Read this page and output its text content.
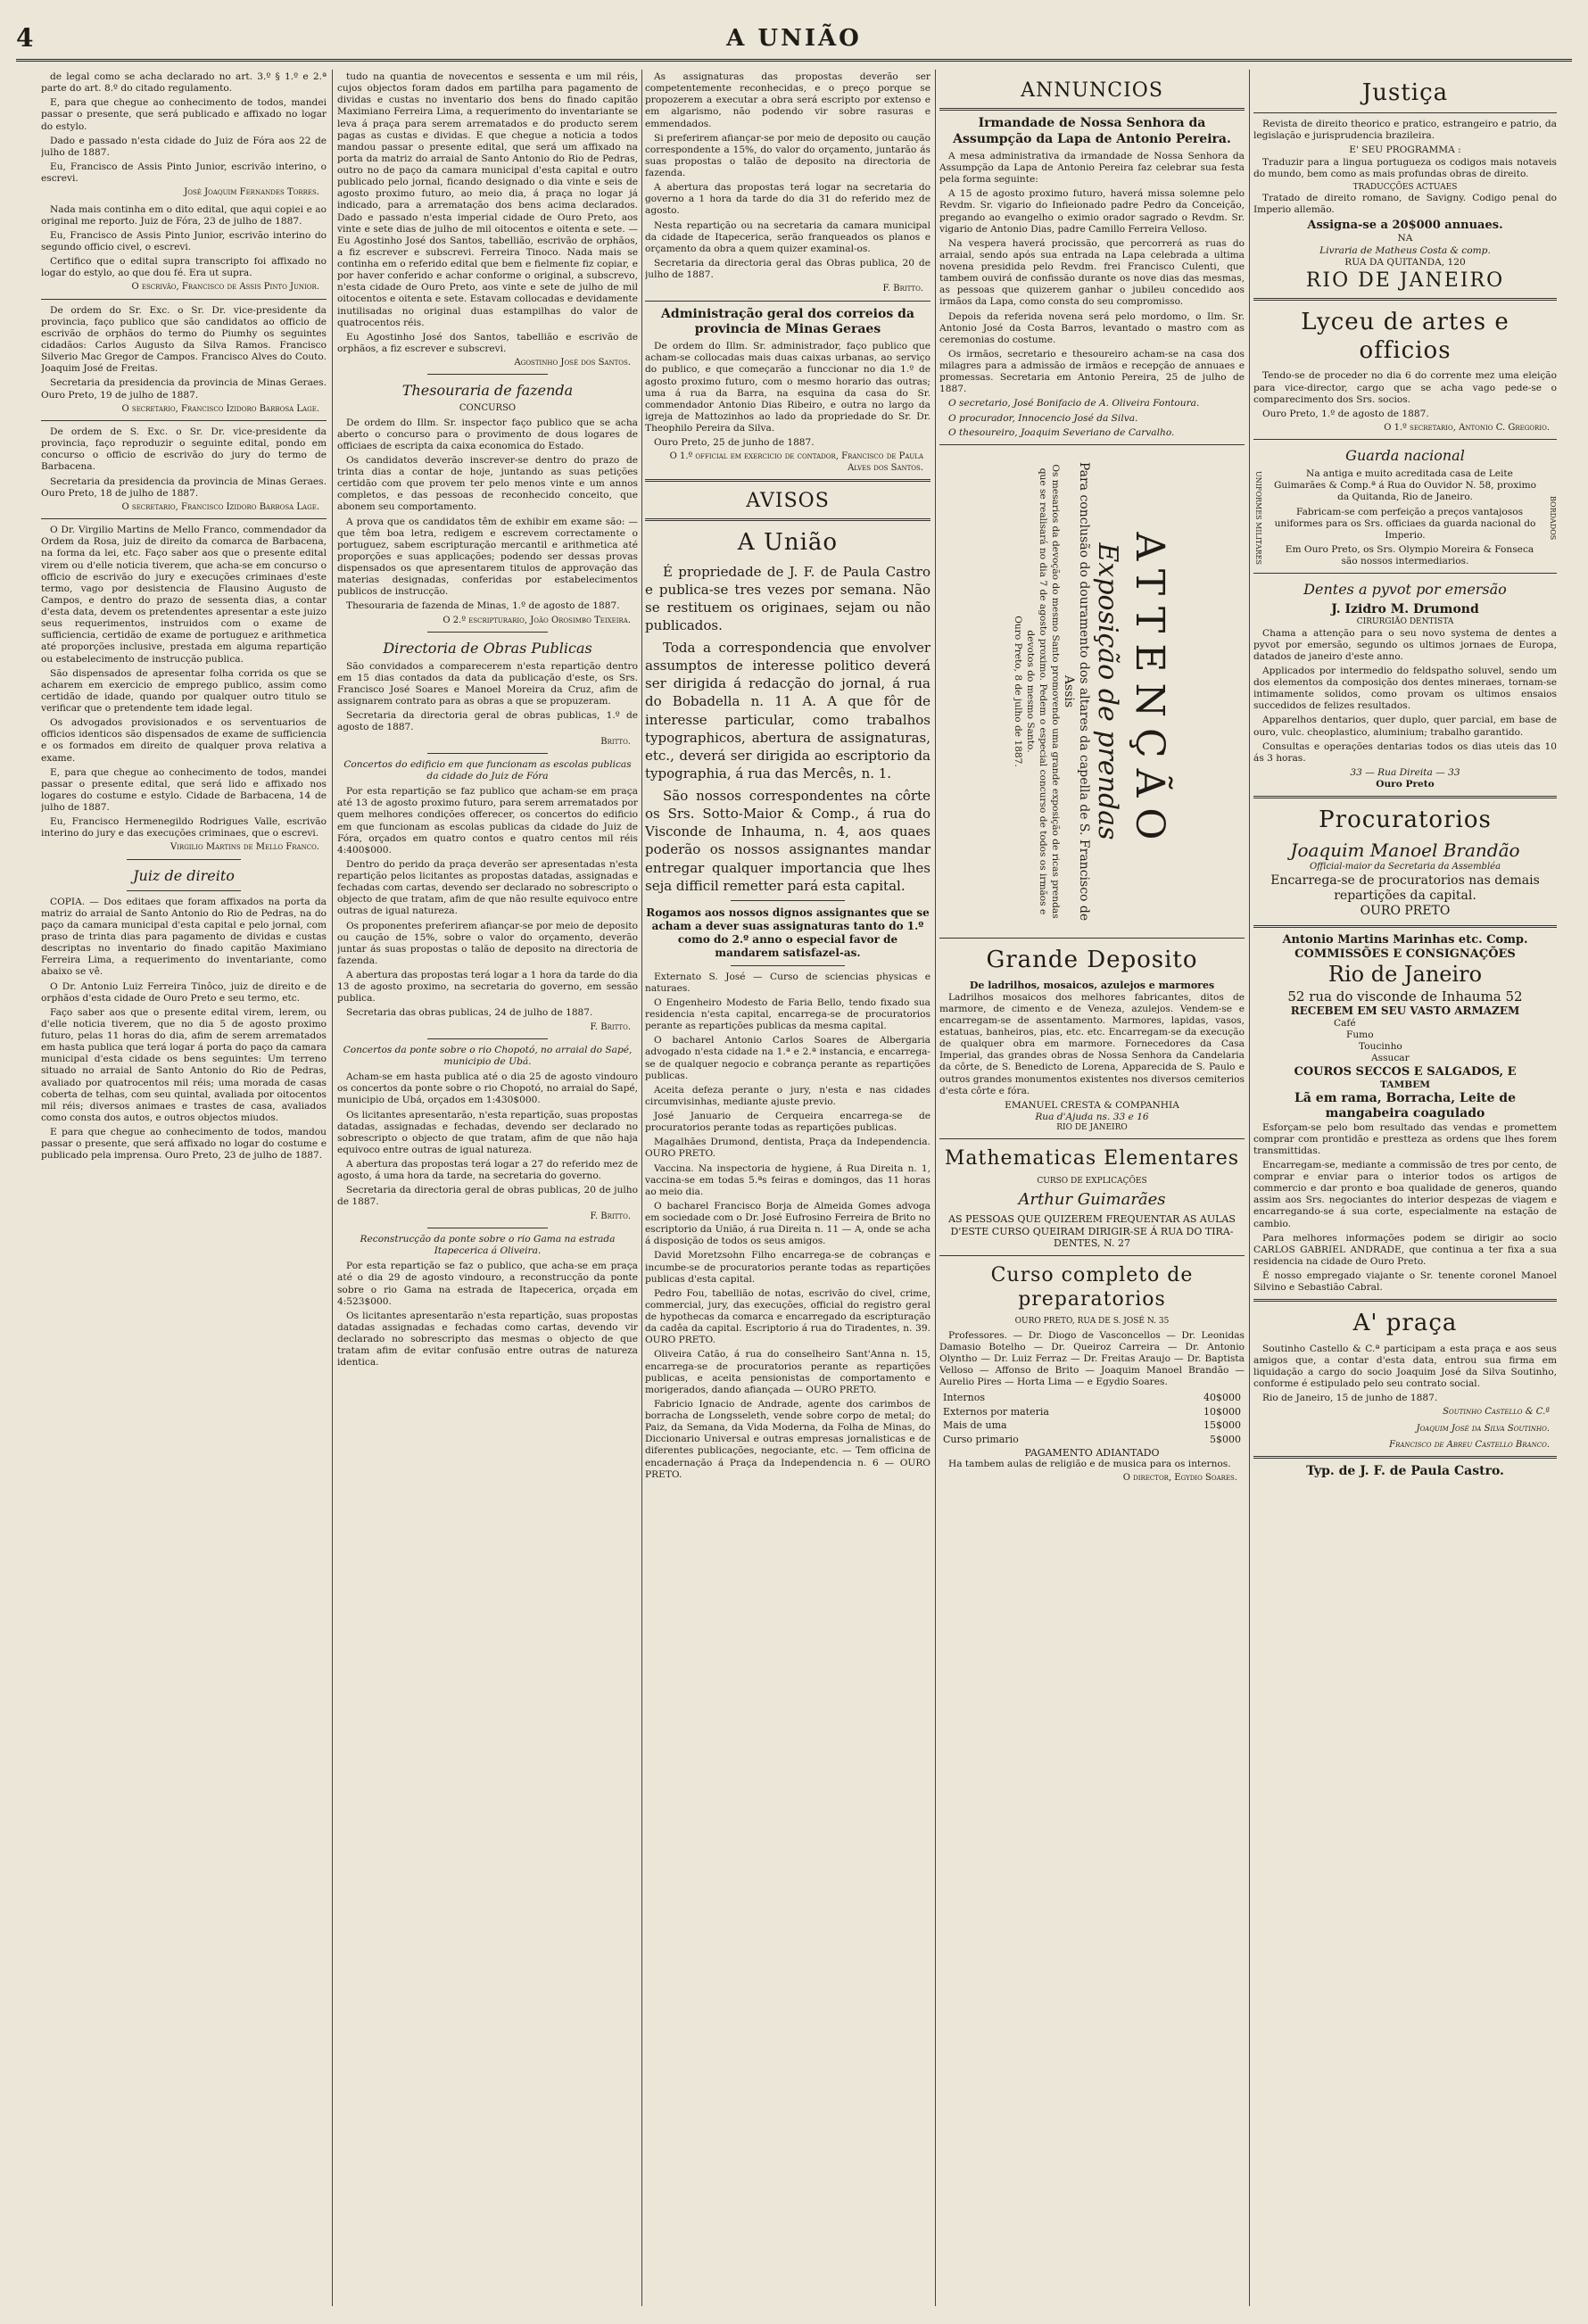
4	A UNIÃO

de legal como se acha declarado no art. 3.º § 1.º e 2.ª parte do art. 8.º do citado regulamento.

E, para que chegue ao conhecimento de todos, mandei passar o presente, que será publicado e affixado no logar do estylo.

Dado e passado n'esta cidade do Juiz de Fóra aos 22 de julho de 1887.

Eu, Francisco de Assis Pinto Junior, escrivão interino, o escrevi.

José Joaquim Fernandes Torres.

Nada mais continha em o dito edital, que aqui copiei e ao original me reporto. Juiz de Fóra, 23 de julho de 1887.

Eu, Francisco de Assis Pinto Junior, escrivão interino do segundo officio civel, o escrevi.

Certifico que o edital supra transcripto foi affixado no logar do estylo, ao que dou fé. Era ut supra.

O escrivão, Francisco de Assis Pinto Junior.

De ordem do Sr. Exc. o Sr. Dr. vice-presidente da provincia, faço publico que são candidatos ao officio de escrivão de orphãos do termo do Piumhy os seguintes cidadãos: Carlos Augusto da Silva Ramos. Francisco Silverio Mac Gregor de Campos. Francisco Alves do Couto. Joaquim José de Freitas.

Secretaria da presidencia da provincia de Minas Geraes. Ouro Preto, 19 de julho de 1887.

O secretario, Francisco Izidoro Barbosa Lage.

De ordem de S. Exc. o Sr. Dr. vice-presidente da provincia, faço reproduzir o seguinte edital, pondo em concurso o officio de escrivão do jury do termo de Barbacena.

Secretaria da presidencia da provincia de Minas Geraes. Ouro Preto, 18 de julho de 1887.

O secretario, Francisco Izidoro Barbosa Lage.

O Dr. Virgilio Martins de Mello Franco, commendador da Ordem da Rosa, juiz de direito da comarca de Barbacena, na forma da lei, etc. Faço saber aos que o presente edital virem ou d'elle noticia tiverem, que acha-se em concurso o officio de escrivão do jury e execuções criminaes d'este termo, vago por desistencia de Flausino Augusto de Campos, e dentro do prazo de sessenta dias, a contar d'esta data, devem os pretendentes apresentar a este juizo seus requerimentos, instruidos com o exame de sufficiencia, certidão de exame de portuguez e arithmetica até proporções inclusive, prestada em alguma repartição ou estabelecimento de instrucção publica.

São dispensados de apresentar folha corrida os que se acharem em exercicio de emprego publico, assim como certidão de idade, quando por qualquer outro titulo se verificar que o pretendente tem idade legal.

Os advogados provisionados e os serventuarios de officios identicos são dispensados de exame de sufficiencia e os formados em direito de qualquer prova relativa a exame.

E, para que chegue ao conhecimento de todos, mandei passar o presente edital, que será lido e affixado nos logares do costume e estylo. Cidade de Barbacena, 14 de julho de 1887.

Eu, Francisco Hermenegildo Rodrigues Valle, escrivão interino do jury e das execuções criminaes, que o escrevi.

Virgilio Martins de Mello Franco.
Juiz de direito

COPIA. — Dos editaes que foram affixados na porta da matriz do arraial de Santo Antonio do Rio de Pedras, na do paço da camara municipal d'esta capital e pelo jornal, com praso de trinta dias para pagamento de dividas e custas descriptas no inventario do finado capitão Maximiano Ferreira Lima, a requerimento do inventariante, como abaixo se vê.

O Dr. Antonio Luiz Ferreira Tinôco, juiz de direito e de orphãos d'esta cidade de Ouro Preto e seu termo, etc.

Faço saber aos que o presente edital virem, lerem, ou d'elle noticia tiverem, que no dia 5 de agosto proximo futuro, pelas 11 horas do dia, afim de serem arrematados em hasta publica que terá logar á porta do paço da camara municipal d'esta cidade os bens seguintes: Um terreno situado no arraial de Santo Antonio do Rio de Pedras, avaliado por quatrocentos mil réis; uma morada de casas coberta de telhas, com seu quintal, avaliada por oitocentos mil réis; diversos animaes e trastes de casa, avaliados como consta dos autos, e outros objectos miudos.

E para que chegue ao conhecimento de todos, mandou passar o presente, que será affixado no logar do costume e publicado pela imprensa. Ouro Preto, 23 de julho de 1887.

tudo na quantia de novecentos e sessenta e um mil réis, cujos objectos foram dados em partilha para pagamento de dividas e custas no inventario dos bens do finado capitão Maximiano Ferreira Lima, a requerimento do inventariante se leva á praça para serem arrematados e do producto serem pagas as custas e dividas. E que chegue a noticia a todos mandou passar o presente edital, que será um affixado na porta da matriz do arraial de Santo Antonio do Rio de Pedras, outro no de paço da camara municipal d'esta capital e outro publicado pelo jornal, ficando designado o dia vinte e seis de agosto proximo futuro, ao meio dia, á praça no logar já indicado, para a arrematação dos bens acima declarados. Dado e passado n'esta imperial cidade de Ouro Preto, aos vinte e sete dias de julho de mil oitocentos e oitenta e sete. — Eu Agostinho José dos Santos, tabellião, escrivão de orphãos, a fiz escrever e subscrevi. Ferreira Tinoco. Nada mais se continha em o referido edital que bem e fielmente fiz copiar, e por haver conferido e achar conforme o original, a subscrevo, n'esta cidade de Ouro Preto, aos vinte e sete de julho de mil oitocentos e oitenta e sete. Estavam collocadas e devidamente inutilisadas no original duas estampilhas do valor de quatrocentos réis.

Eu Agostinho José dos Santos, tabellião e escrivão de orphãos, a fiz escrever e subscrevi.

Agostinho José dos Santos.
Thesouraria de fazenda
CONCURSO

De ordem do Illm. Sr. inspector faço publico que se acha aberto o concurso para o provimento de dous logares de officiaes de escripta da caixa economica do Estado.

Os candidatos deverão inscrever-se dentro do prazo de trinta dias a contar de hoje, juntando as suas petições certidão com que provem ter pelo menos vinte e um annos completos, e das pessoas de reconhecido conceito, que abonem seu comportamento.

A prova que os candidatos têm de exhibir em exame são: — que têm boa letra, redigem e escrevem correctamente o portuguez, sabem escripturação mercantil e arithmetica até proporções e suas applicações; podendo ser dessas provas dispensados os que apresentarem titulos de approvação das materias designadas, conferidas por estabelecimentos publicos de instrucção.

Thesouraria de fazenda de Minas, 1.º de agosto de 1887.

O 2.º escripturario, João Orosimbo Teixeira.
Directoria de Obras Publicas

São convidados a comparecerem n'esta repartição dentro em 15 dias contados da data da publicação d'este, os Srs. Francisco José Soares e Manoel Moreira da Cruz, afim de assignarem contrato para as obras a que se propuzeram.

Secretaria da directoria geral de obras publicas, 1.º de agosto de 1887.

Britto.
Concertos do edificio em que funcionam as escolas publicas da cidade do Juiz de Fóra

Por esta repartição se faz publico que acham-se em praça até 13 de agosto proximo futuro, para serem arrematados por quem melhores condições offerecer, os concertos do edificio em que funcionam as escolas publicas da cidade do Juiz de Fóra, orçados em quatro contos e quatro centos mil réis 4:400$000.

Dentro do perido da praça deverão ser apresentadas n'esta repartição pelos licitantes as propostas datadas, assignadas e fechadas com cartas, devendo ser declarado no sobrescripto o objecto de que tratam, afim de que não resulte equivoco entre outras de igual natureza.

Os proponentes preferirem afiançar-se por meio de deposito ou caução de 15%, sobre o valor do orçamento, deverão juntar ás suas propostas o talão de deposito na directoria de fazenda.

A abertura das propostas terá logar a 1 hora da tarde do dia 13 de agosto proximo, na secretaria do governo, em sessão publica.

Secretaria das obras publicas, 24 de julho de 1887.

F. Britto.
Concertos da ponte sobre o rio Chopotó, no arraial do Sapé, municipio de Ubá.

Acham-se em hasta publica até o dia 25 de agosto vindouro os concertos da ponte sobre o rio Chopotó, no arraial do Sapé, municipio de Ubá, orçados em 1:430$000.

Os licitantes apresentarão, n'esta repartição, suas propostas datadas, assignadas e fechadas, devendo ser declarado no sobrescripto o objecto de que tratam, afim de que não haja equivoco entre outras de igual natureza.

A abertura das propostas terá logar a 27 do referido mez de agosto, á uma hora da tarde, na secretaria do governo.

Secretaria da directoria geral de obras publicas, 20 de julho de 1887.

F. Britto.
Reconstrucção da ponte sobre o rio Gama na estrada Itapecerica á Oliveira.

Por esta repartição se faz o publico, que acha-se em praça até o dia 29 de agosto vindouro, a reconstrucção da ponte sobre o rio Gama na estrada de Itapecerica, orçada em 4:523$000.

Os licitantes apresentarão n'esta repartição, suas propostas datadas assignadas e fechadas como cartas, devendo vir declarado no sobrescripto das mesmas o objecto de que tratam afim de evitar confusão entre outras de natureza identica.

As assignaturas das propostas deverão ser competentemente reconhecidas, e o preço porque se propozerem a executar a obra será escripto por extenso e em algarismo, não podendo vir sobre rasuras e emmendados.

Si preferirem afiançar-se por meio de deposito ou caução correspondente a 15%, do valor do orçamento, juntarão ás suas propostas o talão de deposito na directoria de fazenda.

A abertura das propostas terá logar na secretaria do governo a 1 hora da tarde do dia 31 do referido mez de agosto.

Nesta repartição ou na secretaria da camara municipal da cidade de Itapecerica, serão franqueados os planos e orçamento da obra a quem quizer examinal-os.

Secretaria da directoria geral das Obras publica, 20 de julho de 1887.

F. Britto.
Administração geral dos correios da provincia de Minas Geraes

De ordem do Illm. Sr. administrador, faço publico que acham-se collocadas mais duas caixas urbanas, ao serviço do publico, e que começarão a funccionar no dia 1.º de agosto proximo futuro, com o mesmo horario das outras; uma á rua da Barra, na esquina da casa do Sr. commendador Antonio Dias Ribeiro, e outra no largo da igreja de Mattozinhos ao lado da propriedade do Sr. Dr. Theophilo Pereira da Silva.

Ouro Preto, 25 de junho de 1887.

O 1.º official em exercicio de contador, Francisco de Paula Alves dos Santos.
AVISOS
A União

É propriedade de J. F. de Paula Castro e publica-se tres vezes por semana. Não se restituem os originaes, sejam ou não publicados.

Toda a correspondencia que envolver assumptos de interesse politico deverá ser dirigida á redacção do jornal, á rua do Bobadella n. 11 A. A que fôr de interesse particular, como trabalhos typographicos, abertura de assignaturas, etc., deverá ser dirigida ao escriptorio da typographia, á rua das Mercês, n. 1.

São nossos correspondentes na côrte os Srs. Sotto-Maior & Comp., á rua do Visconde de Inhauma, n. 4, aos quaes poderão os nossos assignantes mandar entregar qualquer importancia que lhes seja difficil remetter pará esta capital.

Rogamos aos nossos dignos assignantes que se acham a dever suas assignaturas tanto do 1.º como do 2.º anno o especial favor de mandarem satisfazel-as.

Externato S. José — Curso de sciencias physicas e naturaes.

O Engenheiro Modesto de Faria Bello, tendo fixado sua residencia n'esta capital, encarrega-se de procuratorios perante as repartições publicas da mesma capital.

O bacharel Antonio Carlos Soares de Albergaria advogado n'esta cidade na 1.ª e 2.ª instancia, e encarrega-se de qualquer negocio e cobrança perante as repartições publicas.

Aceita defeza perante o jury, n'esta e nas cidades circumvisinhas, mediante ajuste previo.

José Januario de Cerqueira encarrega-se de procuratorios perante todas as repartições publicas.

Magalhães Drumond, dentista, Praça da Independencia. OURO PRETO.

Vaccina. Na inspectoria de hygiene, á Rua Direita n. 1, vaccina-se em todas 5.ªs feiras e domingos, das 11 horas ao meio dia.

O bacharel Francisco Borja de Almeida Gomes advoga em sociedade com o Dr. José Eufrosino Ferreira de Brito no escriptorio da União, á rua Direita n. 11 — A, onde se acha á disposição de todos os seus amigos.

David Moretzsohn Filho encarrega-se de cobranças e incumbe-se de procuratorios perante todas as repartições publicas d'esta capital.

Pedro Fou, tabellião de notas, escrivão do civel, crime, commercial, jury, das execuções, official do registro geral de hypothecas da comarca e encarregado da escripturação da cadêa da capital. Escriptorio á rua do Tiradentes, n. 39. OURO PRETO.

Oliveira Catão, á rua do conselheiro Sant'Anna n. 15, encarrega-se de procuratorios perante as repartições publicas, e aceita pensionistas de comportamento e morigerados, dando afiançada — OURO PRETO.

Fabricio Ignacio de Andrade, agente dos carimbos de borracha de Longsseleth, vende sobre corpo de metal; do Paiz, da Semana, da Vida Moderna, da Folha de Minas, do Diccionario Universal e outras empresas jornalisticas e de diferentes publicações, negociante, etc. — Tem officina de encadernação á Praça da Independencia n. 6 — OURO PRETO.

ANNUNCIOS
Irmandade de Nossa Senhora da Assumpção da Lapa de Antonio Pereira.

A mesa administrativa da irmandade de Nossa Senhora da Assumpção da Lapa de Antonio Pereira faz celebrar sua festa pela forma seguinte:

A 15 de agosto proximo futuro, haverá missa solemne pelo Revdm. Sr. vigario do Infieionado padre Pedro da Conceição, pregando ao evangelho o eximio orador sagrado o Revdm. Sr. vigario de Antonio Dias, padre Camillo Ferreira Velloso.

Na vespera haverá procissão, que percorrerá as ruas do arraial, sendo após sua entrada na Lapa celebrada a ultima novena presidida pelo Revdm. frei Francisco Culenti, que tambem ouvirá de confissão durante os nove dias das mesmas, as pessoas que quizerem ganhar o jubileu concedido aos irmãos da Lapa, como consta do seu compromisso.

Depois da referida novena será pelo mordomo, o Ilm. Sr. Antonio José da Costa Barros, levantado o mastro com as ceremonias do costume.

Os irmãos, secretario e thesoureiro acham-se na casa dos milagres para a admissão de irmãos e recepção de annuaes e promessas. Secretaria em Antonio Pereira, 25 de julho de 1887.

O secretario, José Bonifacio de A. Oliveira Fontoura.

O procurador, Innocencio José da Silva.

O thesoureiro, Joaquim Severiano de Carvalho.

ATTENÇÃO
Exposição de prendas
Para conclusão do douramento dos altares da capella de S. Francisco de Assis
Os mesarios da devoção do mesmo Santo promovendo uma grande exposição de ricas prendas que se realisará no dia 7 de agosto proximo. Pedem o especial concurso de todos os irmãos e devotos do mesmo Santo.
Ouro Preto, 8 de julho de 1887.
Grande Deposito
De ladrilhos, mosaicos, azulejos e marmores

Ladrilhos mosaicos dos melhores fabricantes, ditos de marmore, de cimento e de Veneza, azulejos. Vendem-se e encarregam-se de assentamento. Marmores, lapidas, vasos, estatuas, banheiros, pias, etc. etc. Encarregam-se da execução de qualquer obra em marmore. Fornecedores da Casa Imperial, das grandes obras de Nossa Senhora da Candelaria da côrte, de S. Benedicto de Lorena, Apparecida de S. Paulo e outros grandes monumentos existentes nos diversos cemiterios d'esta côrte e fóra.

EMANUEL CRESTA & COMPANHIA
Rua d'Ajuda ns. 33 e 16
RIO DE JANEIRO
Mathematicas Elementares
CURSO DE EXPLICAÇÕES
Arthur Guimarães
AS PESSOAS QUE QUIZEREM FREQUENTAR AS AULAS D'ESTE CURSO QUEIRAM DIRIGIR-SE Á RUA DO TIRA-DENTES, N. 27
Curso completo de preparatorios
OURO PRETO, RUA DE S. JOSÉ N. 35

Professores. — Dr. Diogo de Vasconcellos — Dr. Leonidas Damasio Botelho — Dr. Queiroz Carreira — Dr. Antonio Olyntho — Dr. Luiz Ferraz — Dr. Freitas Araujo — Dr. Baptista Velloso — Affonso de Brito — Joaquim Manoel Brandão — Aurelio Pires — Horta Lima — e Egydio Soares.

Internos	40$000
Externos por materia	10$000
Mais de uma	15$000
Curso primario	5$000
PAGAMENTO ADIANTADO

Ha tambem aulas de religião e de musica para os internos.

O director, Egydio Soares.
Justiça

Revista de direito theorico e pratico, estrangeiro e patrio, da legislação e jurisprudencia brazileira.

E' SEU PROGRAMMA :

Traduzir para a lingua portugueza os codigos mais notaveis do mundo, bem como as mais profundas obras de direito.

TRADUCÇÕES ACTUAES

Tratado de direito romano, de Savigny. Codigo penal do Imperio allemão.

Assigna-se a 20$000 annuaes.
NA
Livraria de Matheus Costa & comp.
RUA DA QUITANDA, 120
RIO DE JANEIRO
Lyceu de artes e officios

Tendo-se de proceder no dia 6 do corrente mez uma eleição para vice-director, cargo que se acha vago pede-se o comparecimento dos Srs. socios.

Ouro Preto, 1.º de agosto de 1887.

O 1.º secretario, Antonio C. Gregorio.
Guarda nacional
UNIFORMES MILITARES	BORDADOS

Na antiga e muito acreditada casa de Leite Guimarães & Comp.ª á Rua do Ouvidor N. 58, proximo da Quitanda, Rio de Janeiro.

Fabricam-se com perfeição a preços vantajosos uniformes para os Srs. officiaes da guarda nacional do Imperio.

Em Ouro Preto, os Srs. Olympio Moreira & Fonseca são nossos intermediarios.

Dentes a pyvot por emersão
J. Izidro M. Drumond
CIRURGIÃO DENTISTA

Chama a attenção para o seu novo systema de dentes a pyvot por emersão, segundo os ultimos jornaes de Europa, datados de janeiro d'este anno.

Applicados por intermedio do feldspatho soluvel, sendo um dos elementos da composição dos dentes mineraes, tornam-se intimamente solidos, como provam os ultimos ensaios succedidos de felizes resultados.

Apparelhos dentarios, quer duplo, quer parcial, em base de ouro, vulc. cheoplastico, aluminium; trabalho garantido.

Consultas e operações dentarias todos os dias uteis das 10 ás 3 horas.

33 — Rua Direita — 33
Ouro Preto
Procuratorios
Joaquim Manoel Brandão
Official-maior da Secretaria da Assembléa
Encarrega-se de procuratorios nas demais repartições da capital.
OURO PRETO
Antonio Martins Marinhas etc. Comp.
COMMISSÕES E CONSIGNAÇÕES
Rio de Janeiro
52 rua do visconde de Inhauma 52
RECEBEM EM SEU VASTO ARMAZEM
Café
Fumo
Toucinho
Assucar
COUROS SECCOS E SALGADOS, E
TAMBEM
Lã em rama, Borracha, Leite de mangabeira coagulado

Esforçam-se pelo bom resultado das vendas e promettem comprar com prontidão e prestteza as ordens que lhes forem transmittidas.

Encarregam-se, mediante a commissão de tres por cento, de comprar e enviar para o interior todos os artigos de commercio e dar pronto e boa qualidade de generos, quando assim aos Srs. negociantes do interior despezas de viagem e encarregando-se á sua corte, especialmente na estação de cambio.

Para melhores informações podem se dirigir ao socio CARLOS GABRIEL ANDRADE, que continua a ter fixa a sua residencia na cidade de Ouro Preto.

É nosso empregado viajante o Sr. tenente coronel Manoel Silvino e Sebastião Cabral.

A' praça

Soutinho Castello & C.ª participam a esta praça e aos seus amigos que, a contar d'esta data, entrou sua firma em liquidação a cargo do socio Joaquim José da Silva Soutinho, conforme é estipulado pelo seu contrato social.

Rio de Janeiro, 15 de junho de 1887.

Soutinho Castello & C.ª
Joaquim José da Silva Soutinho.
Francisco de Abreu Castello Branco.
Typ. de J. F. de Paula Castro.
